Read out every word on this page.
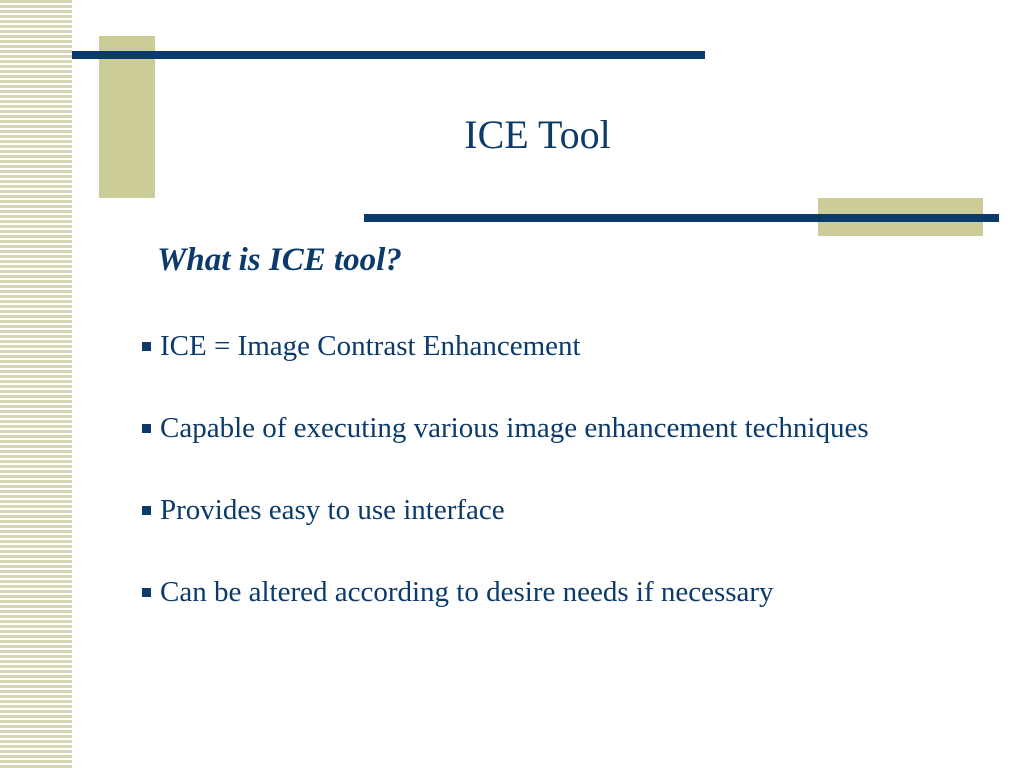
ICE Tool
What is ICE tool?
ICE = Image Contrast Enhancement
Capable of executing various image enhancement techniques
Provides easy to use interface
Can be altered according to desire needs if necessary
